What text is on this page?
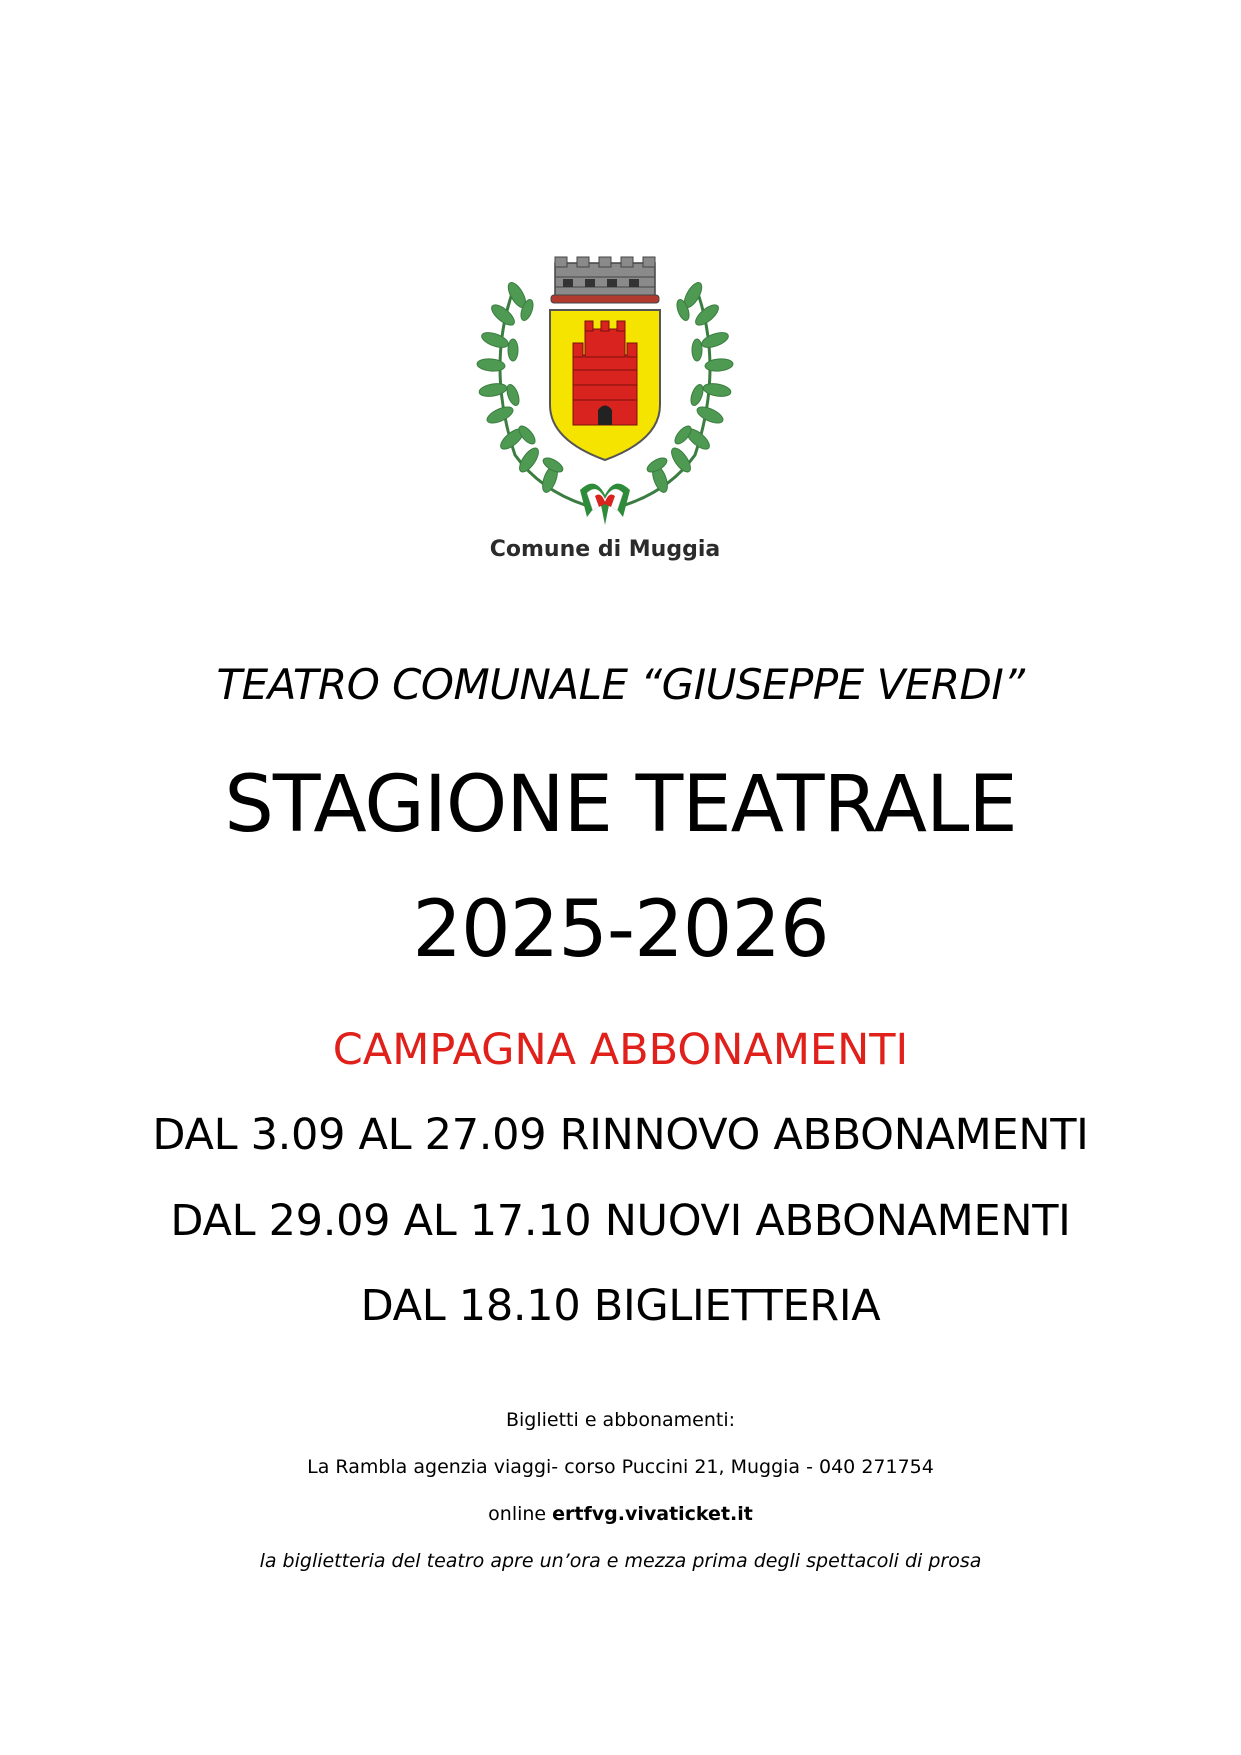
Comune di Muggia
TEATRO COMUNALE “GIUSEPPE VERDI”
STAGIONE TEATRALE
2025-2026
CAMPAGNA ABBONAMENTI
DAL 3.09 AL 27.09 RINNOVO ABBONAMENTI
DAL 29.09 AL 17.10 NUOVI ABBONAMENTI
DAL 18.10 BIGLIETTERIA
Biglietti e abbonamenti:
La Rambla agenzia viaggi- corso Puccini 21, Muggia - 040 271754
online ertfvg.vivaticket.it
la biglietteria del teatro apre un’ora e mezza prima degli spettacoli di prosa
